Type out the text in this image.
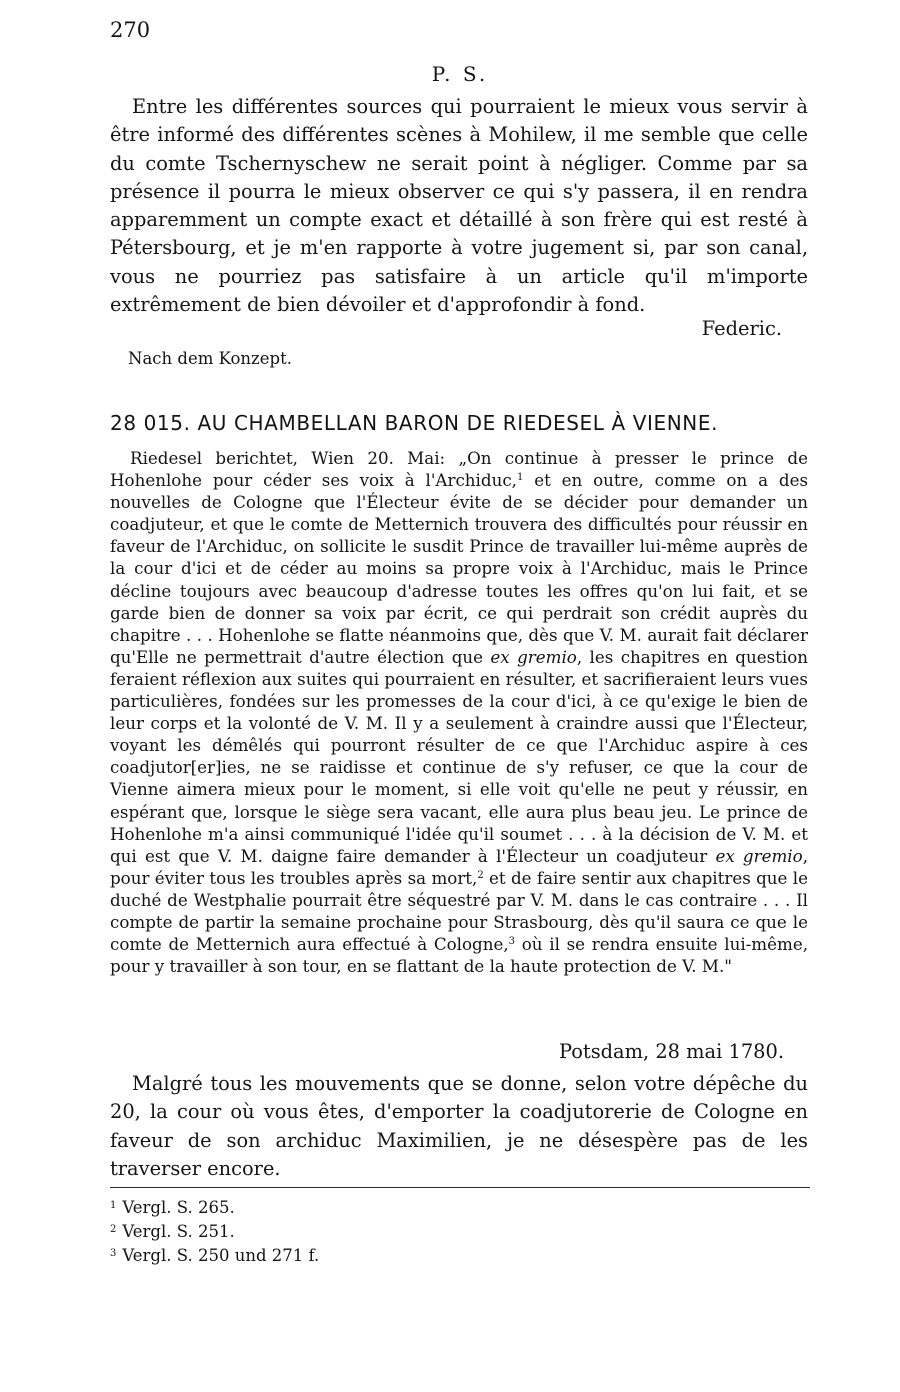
270
P. S.

Entre les différentes sources qui pourraient le mieux vous servir à être informé des différentes scènes à Mohilew, il me semble que celle du comte Tschernyschew ne serait point à négliger. Comme par sa présence il pourra le mieux observer ce qui s'y passera, il en rendra apparemment un compte exact et détaillé à son frère qui est resté à Pétersbourg, et je m'en rapporte à votre jugement si, par son canal, vous ne pourriez pas satisfaire à un article qu'il m'importe extrêmement de bien dévoiler et d'approfondir à fond.

Federic.
Nach dem Konzept.
28 015. AU CHAMBELLAN BARON DE RIEDESEL À VIENNE.

Riedesel berichtet, Wien 20. Mai: „On continue à presser le prince de Hohenlohe pour céder ses voix à l'Archiduc,$^1$ et en outre, comme on a des nouvelles de Cologne que l'Électeur évite de se décider pour demander un coadjuteur, et que le comte de Metternich trouvera des difficultés pour réussir en faveur de l'Archiduc, on sollicite le susdit Prince de travailler lui-même auprès de la cour d'ici et de céder au moins sa propre voix à l'Archiduc, mais le Prince décline toujours avec beaucoup d'adresse toutes les offres qu'on lui fait, et se garde bien de donner sa voix par écrit, ce qui perdrait son crédit auprès du chapitre . . . Hohenlohe se flatte néanmoins que, dès que V. M. aurait fait déclarer qu'Elle ne permettrait d'autre élection que ex gremio, les chapitres en question feraient réflexion aux suites qui pourraient en résulter, et sacrifieraient leurs vues particulières, fondées sur les promesses de la cour d'ici, à ce qu'exige le bien de leur corps et la volonté de V. M. Il y a seulement à craindre aussi que l'Électeur, voyant les démêlés qui pourront résulter de ce que l'Archiduc aspire à ces coadjutor[er]ies, ne se raidisse et continue de s'y refuser, ce que la cour de Vienne aimera mieux pour le moment, si elle voit qu'elle ne peut y réussir, en espérant que, lorsque le siège sera vacant, elle aura plus beau jeu. Le prince de Hohenlohe m'a ainsi communiqué l'idée qu'il soumet . . . à la décision de V. M. et qui est que V. M. daigne faire demander à l'Électeur un coadjuteur ex gremio, pour éviter tous les troubles après sa mort,$^2$ et de faire sentir aux chapitres que le duché de Westphalie pourrait être séquestré par V. M. dans le cas contraire . . . Il compte de partir la semaine prochaine pour Strasbourg, dès qu'il saura ce que le comte de Metternich aura effectué à Cologne,$^3$ où il se rendra ensuite lui-même, pour y travailler à son tour, en se flattant de la haute protection de V. M."

Potsdam, 28 mai 1780.

Malgré tous les mouvements que se donne, selon votre dépêche du 20, la cour où vous êtes, d'emporter la coadjutorerie de Cologne en faveur de son archiduc Maximilien, je ne désespère pas de les traverser encore.

$^1$ Vergl. S. 265.
$^2$ Vergl. S. 251.
$^3$ Vergl. S. 250 und 271 f.
